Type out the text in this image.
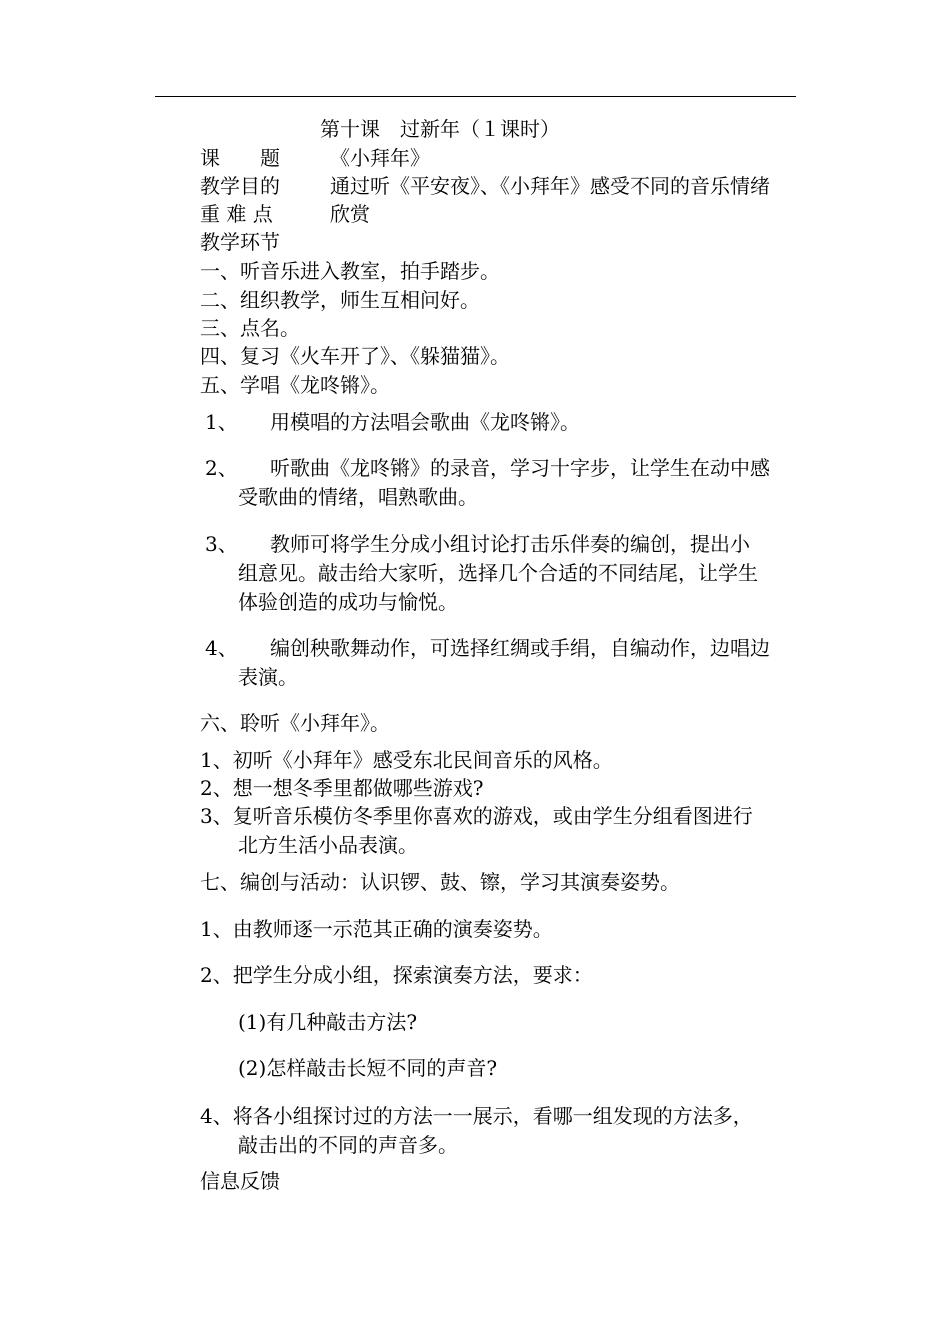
第十课　过新年（１课时）
课　　题	《小拜年》
教学目的	通过听《平安夜》、《小拜年》感受不同的音乐情绪
重 难 点	欣赏
教学环节
一、听音乐进入教室，拍手踏步。
二、组织教学，师生互相问好。
三、点名。
四、复习《火车开了》、《躲猫猫》。
五、学唱《龙咚锵》。
1、 用模唱的方法唱会歌曲《龙咚锵》。
2、 听歌曲《龙咚锵》的录音，学习十字步，让学生在动中感
受歌曲的情绪，唱熟歌曲。
3、 教师可将学生分成小组讨论打击乐伴奏的编创，提出小
组意见。敲击给大家听，选择几个合适的不同结尾，让学生
体验创造的成功与愉悦。
4、 编创秧歌舞动作，可选择红绸或手绢，自编动作，边唱边
表演。
六、聆听《小拜年》。
1、初听《小拜年》感受东北民间音乐的风格。
2、想一想冬季里都做哪些游戏?
3、复听音乐模仿冬季里你喜欢的游戏，或由学生分组看图进行
北方生活小品表演。
七、编创与活动：认识锣、鼓、镲，学习其演奏姿势。
1、由教师逐一示范其正确的演奏姿势。
2、把学生分成小组，探索演奏方法，要求：
(1)有几种敲击方法?
(2)怎样敲击长短不同的声音?
4、将各小组探讨过的方法一一展示，看哪一组发现的方法多，
敲击出的不同的声音多。
信息反馈
